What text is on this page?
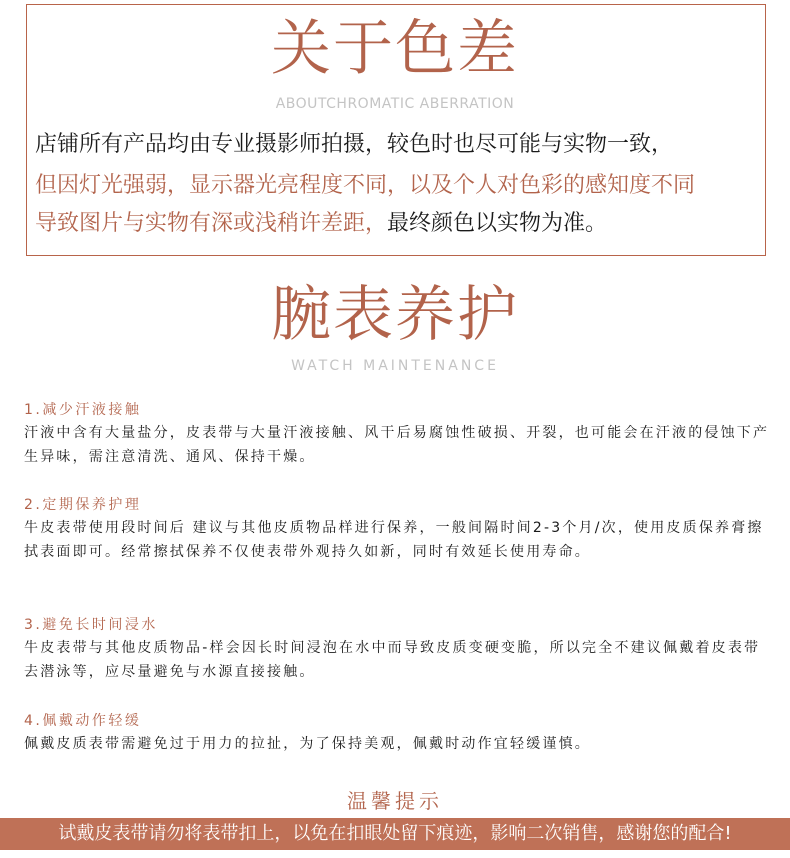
关于色差
ABOUTCHROMATIC ABERRATION
店铺所有产品均由专业摄影师拍摄，较色时也尽可能与实物一致，
但因灯光强弱，显示器光亮程度不同，以及个人对色彩的感知度不同
导致图片与实物有深或浅稍许差距，最终颜色以实物为准。
腕表养护
WATCH MAINTENANCE
1.减少汗液接触
汗液中含有大量盐分，皮表带与大量汗液接触、风干后易腐蚀性破损、开裂，也可能会在汗液的侵蚀下产生异味，需注意清洗、通风、保持干燥。
2.定期保养护理
牛皮表带使用段时间后 建议与其他皮质物品样进行保养，一般间隔时间2-3个月/次，使用皮质保养膏擦拭表面即可。经常擦拭保养不仅使表带外观持久如新，同时有效延长使用寿命。
3.避免长时间浸水
牛皮表带与其他皮质物品-样会因长时间浸泡在水中而导致皮质变硬变脆，所以完全不建议佩戴着皮表带去潜泳等，应尽量避免与水源直接接触。
4.佩戴动作轻缓
佩戴皮质表带需避免过于用力的拉扯，为了保持美观，佩戴时动作宜轻缓谨慎。
温馨提示
试戴皮表带请勿将表带扣上，以免在扣眼处留下痕迹，影响二次销售，感谢您的配合!
